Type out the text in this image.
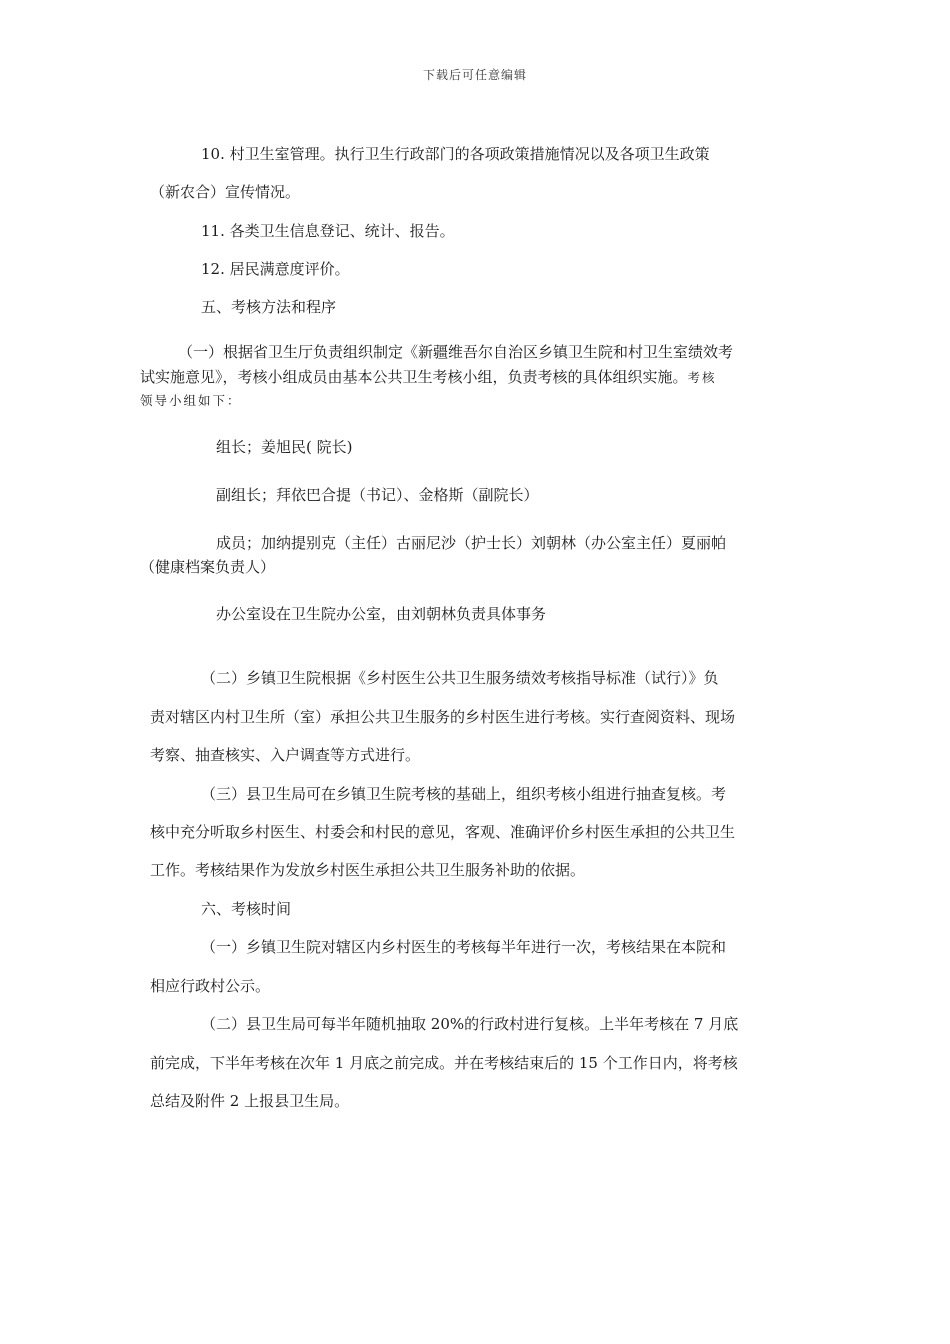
下载后可任意编辑
10. 村卫生室管理。执行卫生行政部门的各项政策措施情况以及各项卫生政策
（新农合）宣传情况。
11. 各类卫生信息登记、统计、报告。
12. 居民满意度评价。
五、考核方法和程序
（一）根据省卫生厅负责组织制定《新疆维吾尔自治区乡镇卫生院和村卫生室绩效考
试实施意见》，考核小组成员由基本公共卫生考核小组，负责考核的具体组织实施。考核
领导小组如下：
组长；姜旭民( 院长)
副组长；拜依巴合提（书记）、金格斯（副院长）
成员；加纳提别克（主任）古丽尼沙（护士长）刘朝林（办公室主任）夏丽帕
（健康档案负责人）
办公室设在卫生院办公室，由刘朝林负责具体事务
（二）乡镇卫生院根据《乡村医生公共卫生服务绩效考核指导标准（试行）》负
责对辖区内村卫生所（室）承担公共卫生服务的乡村医生进行考核。实行查阅资料、现场
考察、抽查核实、入户调查等方式进行。
（三）县卫生局可在乡镇卫生院考核的基础上，组织考核小组进行抽查复核。考
核中充分听取乡村医生、村委会和村民的意见，客观、准确评价乡村医生承担的公共卫生
工作。考核结果作为发放乡村医生承担公共卫生服务补助的依据。
六、考核时间
（一）乡镇卫生院对辖区内乡村医生的考核每半年进行一次，考核结果在本院和
相应行政村公示。
（二）县卫生局可每半年随机抽取 20%的行政村进行复核。上半年考核在 7 月底
前完成，下半年考核在次年 1 月底之前完成。并在考核结束后的 15 个工作日内，将考核
总结及附件 2 上报县卫生局。
